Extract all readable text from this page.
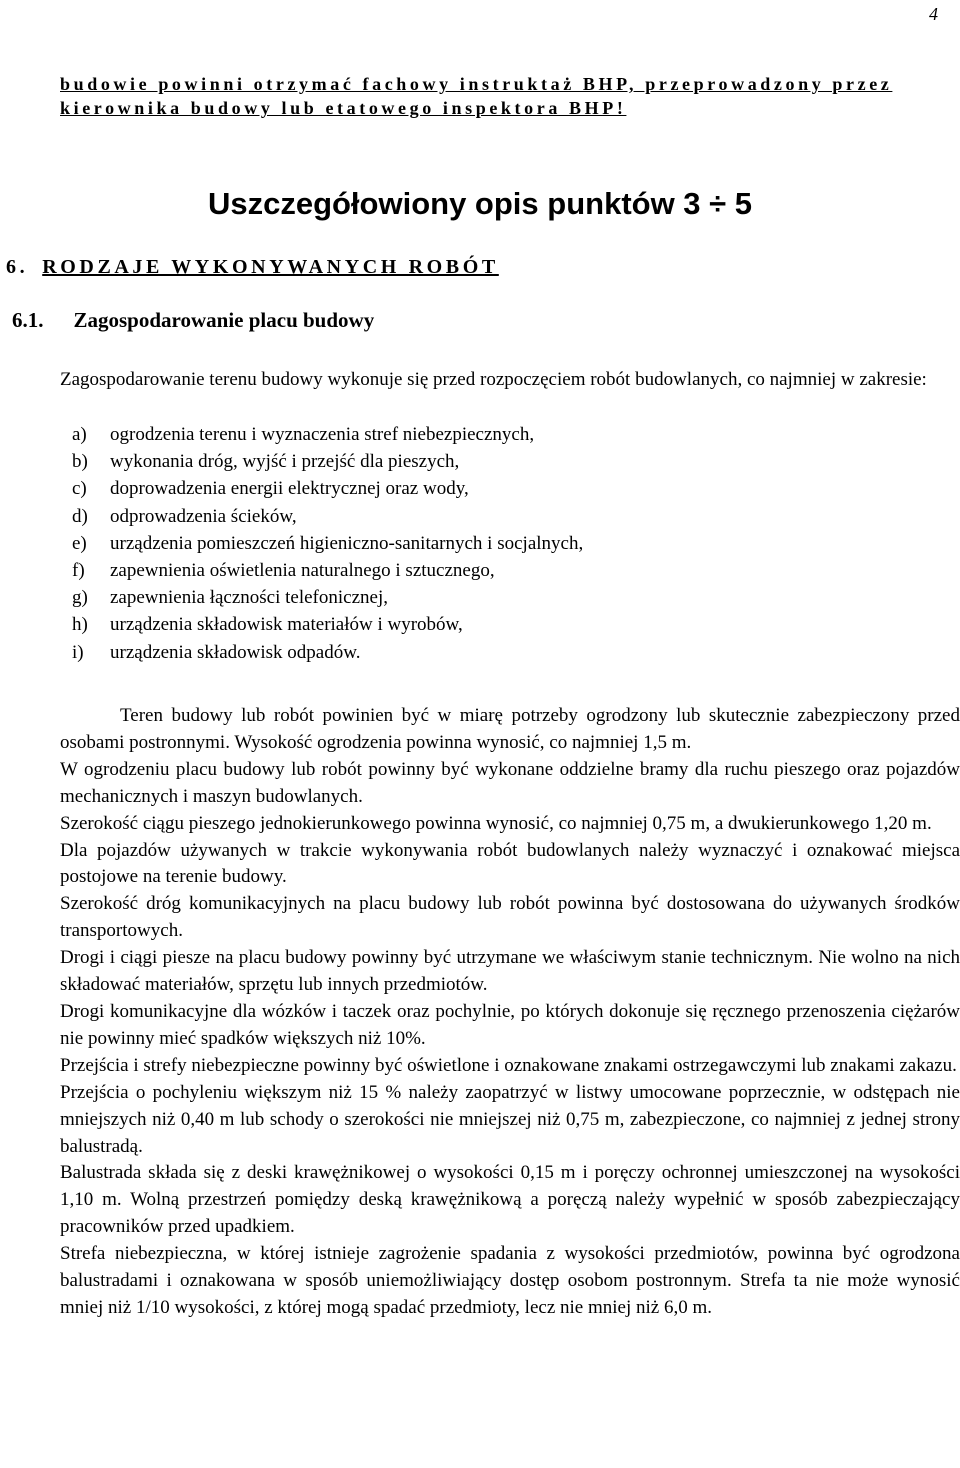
4

budowie powinni otrzymać fachowy instruktaż BHP, przeprowadzony przez kierownika budowy lub etatowego inspektora BHP!

Uszczegółowiony opis punktów 3 ÷ 5
6. RODZAJE WYKONYWANYCH ROBÓT
6.1. Zagospodarowanie placu budowy

Zagospodarowanie terenu budowy wykonuje się przed rozpoczęciem robót budowlanych, co najmniej w zakresie:

a) ogrodzenia terenu i wyznaczenia stref niebezpiecznych,
b) wykonania dróg, wyjść i przejść dla pieszych,
c) doprowadzenia energii elektrycznej oraz wody,
d) odprowadzenia ścieków,
e) urządzenia pomieszczeń higieniczno-sanitarnych i socjalnych,
f) zapewnienia oświetlenia naturalnego i sztucznego,
g) zapewnienia łączności telefonicznej,
h) urządzenia składowisk materiałów i wyrobów,
i) urządzenia składowisk odpadów.

Teren budowy lub robót powinien być w miarę potrzeby ogrodzony lub skutecznie zabezpieczony przed osobami postronnymi. Wysokość ogrodzenia powinna wynosić, co najmniej 1,5 m.

W ogrodzeniu placu budowy lub robót powinny być wykonane oddzielne bramy dla ruchu pieszego oraz pojazdów mechanicznych i maszyn budowlanych.

Szerokość ciągu pieszego jednokierunkowego powinna wynosić, co najmniej 0,75 m, a dwukierunkowego 1,20 m.

Dla pojazdów używanych w trakcie wykonywania robót budowlanych należy wyznaczyć i oznakować miejsca postojowe na terenie budowy.

Szerokość dróg komunikacyjnych na placu budowy lub robót powinna być dostosowana do używanych środków transportowych.

Drogi i ciągi piesze na placu budowy powinny być utrzymane we właściwym stanie technicznym. Nie wolno na nich składować materiałów, sprzętu lub innych przedmiotów.

Drogi komunikacyjne dla wózków i taczek oraz pochylnie, po których dokonuje się ręcznego przenoszenia ciężarów nie powinny mieć spadków większych niż 10%.

Przejścia i strefy niebezpieczne powinny być oświetlone i oznakowane znakami ostrzegawczymi lub znakami zakazu.

Przejścia o pochyleniu większym niż 15 % należy zaopatrzyć w listwy umocowane poprzecznie, w odstępach nie mniejszych niż 0,40 m lub schody o szerokości nie mniejszej niż 0,75 m, zabezpieczone, co najmniej z jednej strony balustradą.

Balustrada składa się z deski krawężnikowej o wysokości 0,15 m i poręczy ochronnej umieszczonej na wysokości 1,10 m. Wolną przestrzeń pomiędzy deską krawężnikową a poręczą należy wypełnić w sposób zabezpieczający pracowników przed upadkiem.

Strefa niebezpieczna, w której istnieje zagrożenie spadania z wysokości przedmiotów, powinna być ogrodzona balustradami i oznakowana w sposób uniemożliwiający dostęp osobom postronnym. Strefa ta nie może wynosić mniej niż 1/10 wysokości, z której mogą spadać przedmioty, lecz nie mniej niż 6,0 m.
